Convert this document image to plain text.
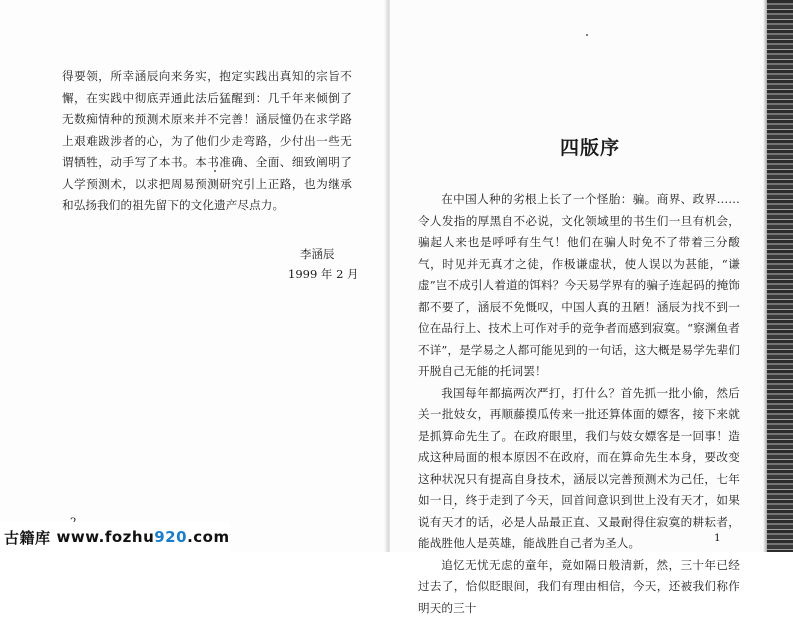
得要领，所幸涵辰向来务实，抱定实践出真知的宗旨不懈，在实践中彻底弄通此法后猛醒到：几千年来倾倒了无数痴情种的预测术原来并不完善！涵辰憧仍在求学路上艰难跋涉者的心，为了他们少走弯路，少付出一些无谓牺牲，动手写了本书。本书准确、全面、细致阐明了人学预测术，以求把周易预测研究引上正路，也为继承和弘扬我们的祖先留下的文化遗产尽点力。

李涵辰
1999 年 2 月
四版序

在中国人种的劣根上长了一个怪胎：骗。商界、政界……令人发指的厚黑自不必说，文化领域里的书生们一旦有机会，骗起人来也是呼呼有生气！他们在骗人时免不了带着三分酸气，时见并无真才之徒，作极谦虚状，使人误以为甚能，“谦虚”岂不成引人着道的饵料？今天易学界有的骗子连起码的掩饰都不要了，涵辰不免慨叹，中国人真的丑陋！涵辰为找不到一位在品行上、技术上可作对手的竞争者而感到寂寞。“察渊鱼者不详”，是学易之人都可能见到的一句话，这大概是易学先辈们开脱自己无能的托词罢！

我国每年都搞两次严打，打什么？首先抓一批小偷，然后关一批妓女，再顺藤摸瓜传来一批还算体面的嫖客，接下来就是抓算命先生了。在政府眼里，我们与妓女嫖客是一回事！造成这种局面的根本原因不在政府，而在算命先生本身，要改变这种状况只有提高自身技术，涵辰以完善预测术为己任，七年如一日，终于走到了今天，回首间意识到世上没有天才，如果说有天才的话，必是人品最正直、又最耐得住寂寞的耕耘者，能战胜他人是英雄，能战胜自己者为圣人。

追忆无忧无虑的童年，竟如隔日般清新，然，三十年已经过去了，恰似眨眼间，我们有理由相信，今天，还被我们称作明天的三十

1
古籍库 www.fozhu 920 .com
